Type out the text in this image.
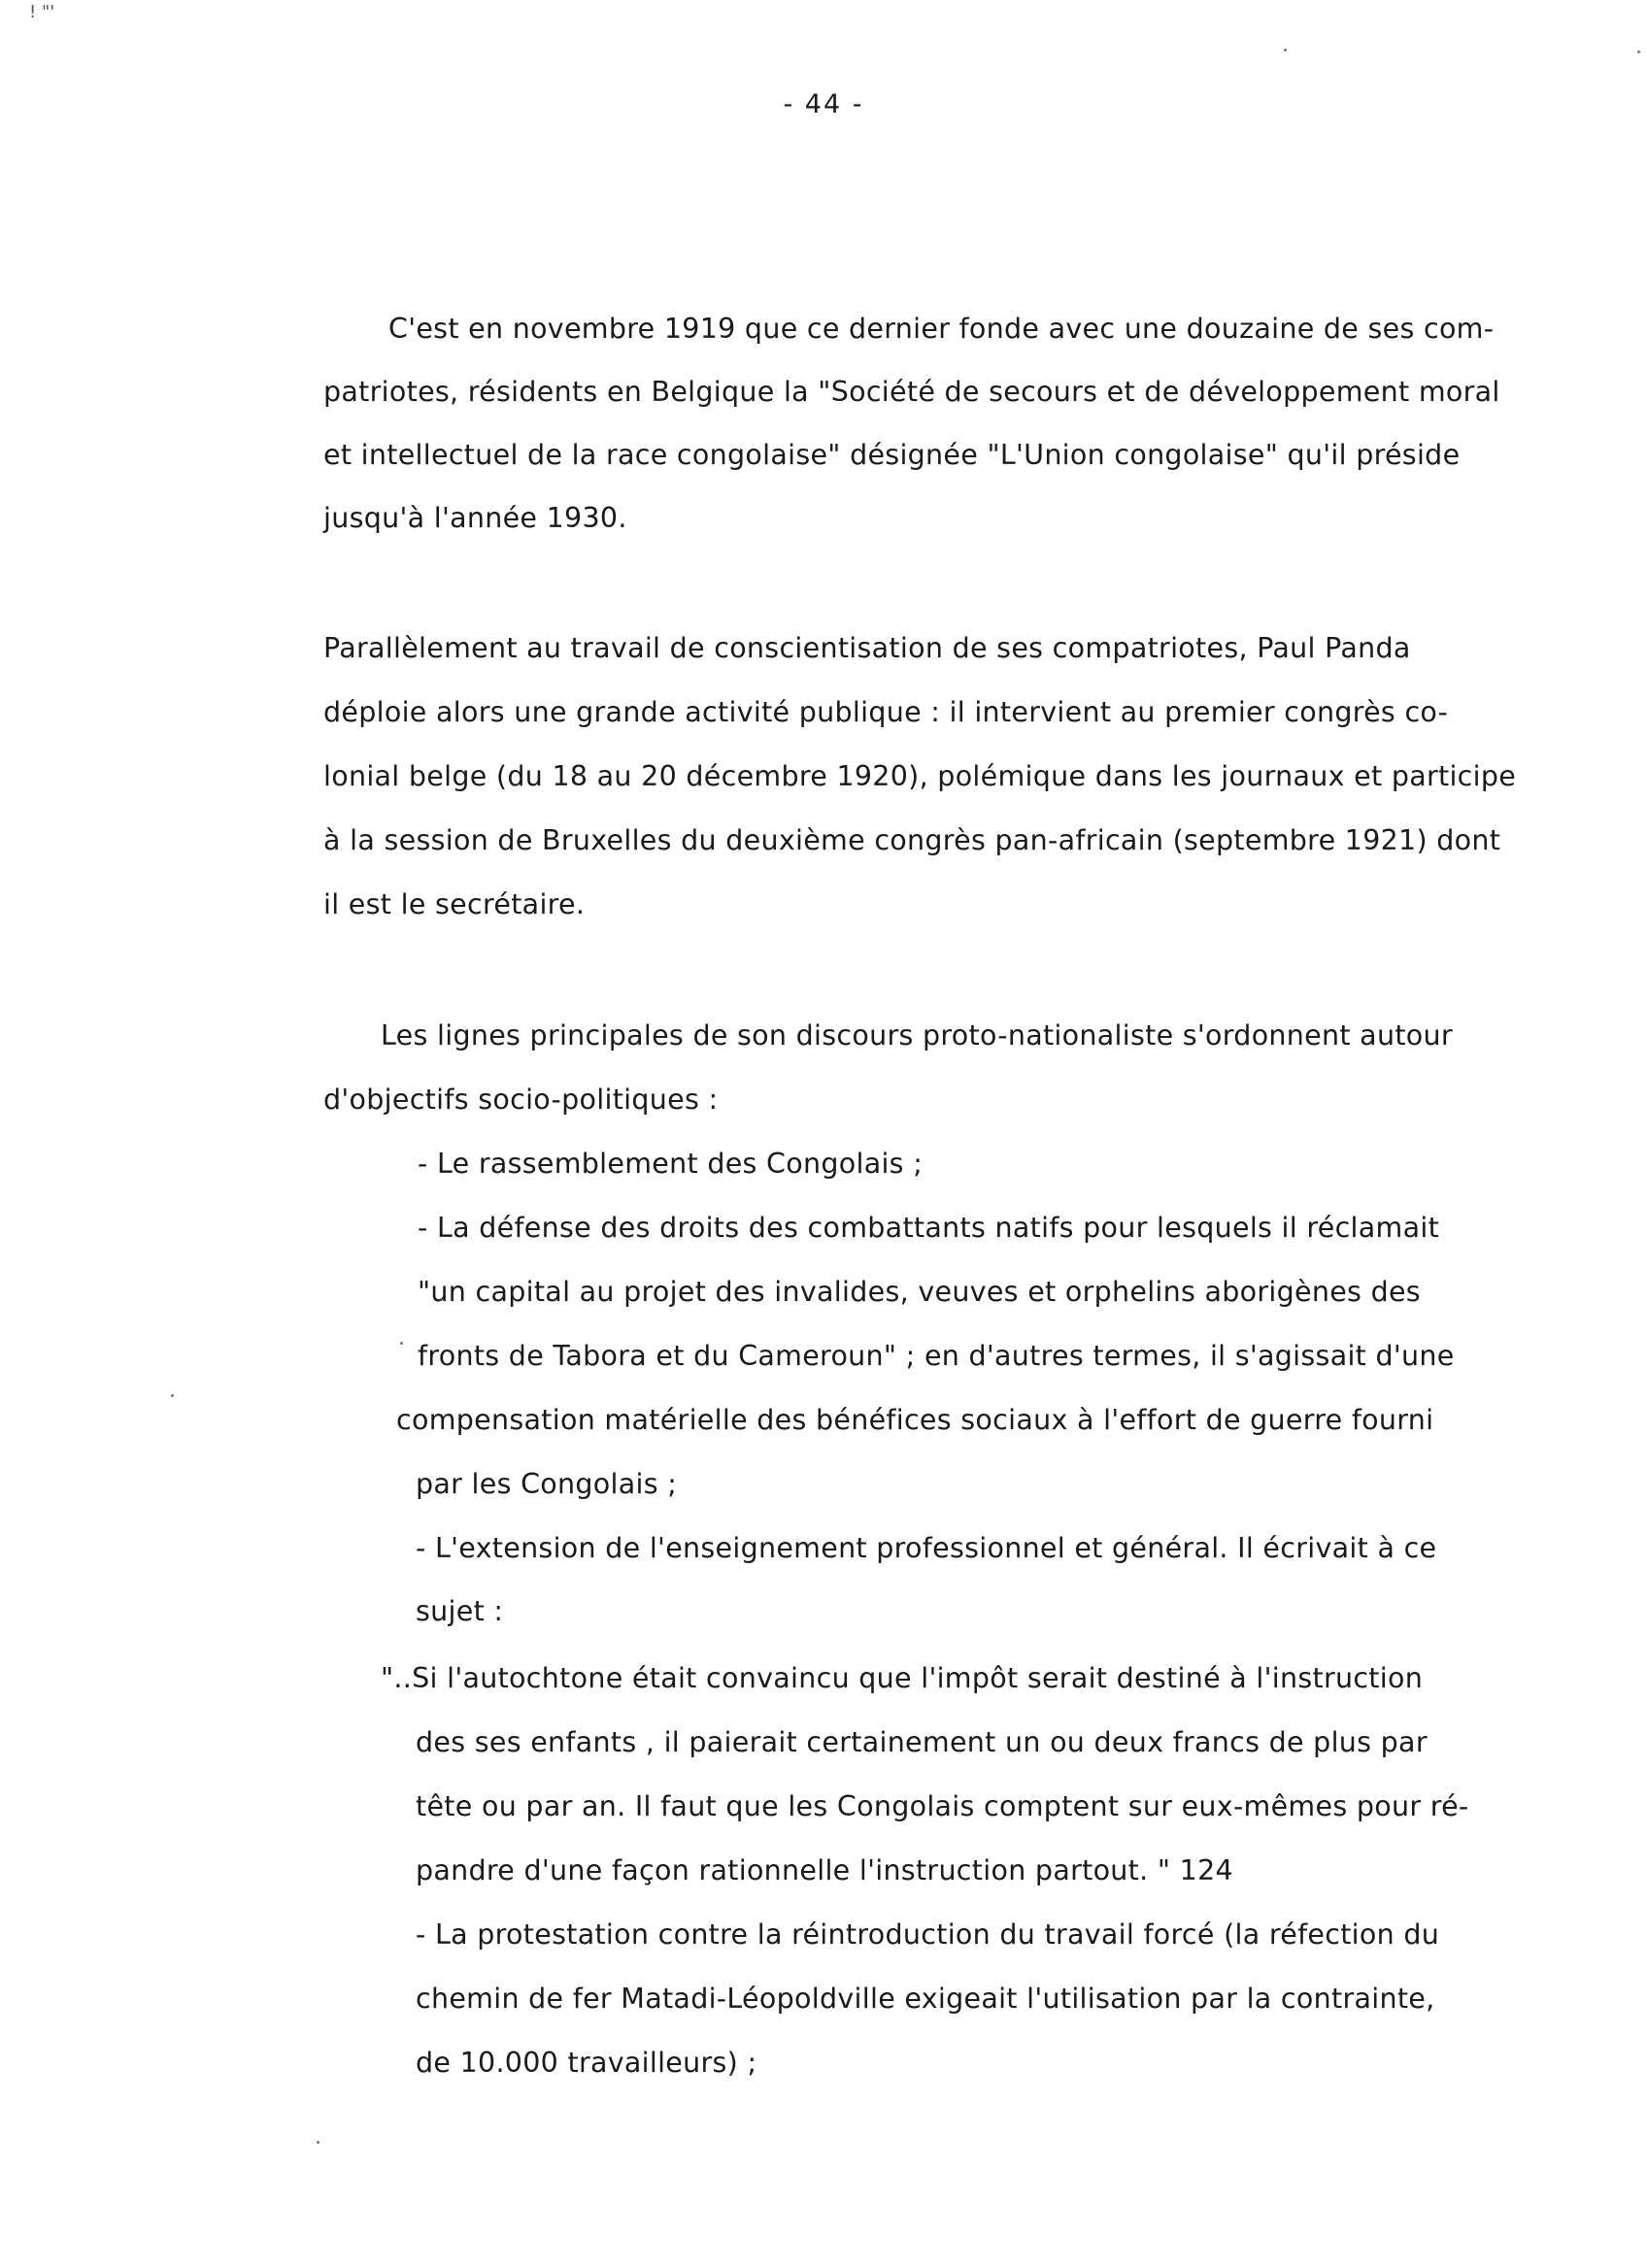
! "'
- 44 -
C'est en novembre 1919 que ce dernier fonde avec une douzaine de ses com-
patriotes, résidents en Belgique la "Société de secours et de développement moral
et intellectuel de la race congolaise" désignée "L'Union congolaise" qu'il préside
jusqu'à l'année 1930.
Parallèlement au travail de conscientisation de ses compatriotes, Paul Panda
déploie alors une grande activité publique : il intervient au premier congrès co-
lonial belge (du 18 au 20 décembre 1920), polémique dans les journaux et participe
à la session de Bruxelles du deuxième congrès pan-africain (septembre 1921) dont
il est le secrétaire.
Les lignes principales de son discours proto-nationaliste s'ordonnent autour
d'objectifs socio-politiques :
- Le rassemblement des Congolais ;
- La défense des droits des combattants natifs pour lesquels il réclamait
"un capital au projet des invalides, veuves et orphelins aborigènes des
fronts de Tabora et du Cameroun" ; en d'autres termes, il s'agissait d'une
compensation matérielle des bénéfices sociaux à l'effort de guerre fourni
par les Congolais ;
- L'extension de l'enseignement professionnel et général. Il écrivait à ce
sujet :
"..Si l'autochtone était convaincu que l'impôt serait destiné à l'instruction
des ses enfants , il paierait certainement un ou deux francs de plus par
tête ou par an. Il faut que les Congolais comptent sur eux-mêmes pour ré-
pandre d'une façon rationnelle l'instruction partout. " 124
- La protestation contre la réintroduction du travail forcé (la réfection du
chemin de fer Matadi-Léopoldville exigeait l'utilisation par la contrainte,
de 10.000 travailleurs) ;
